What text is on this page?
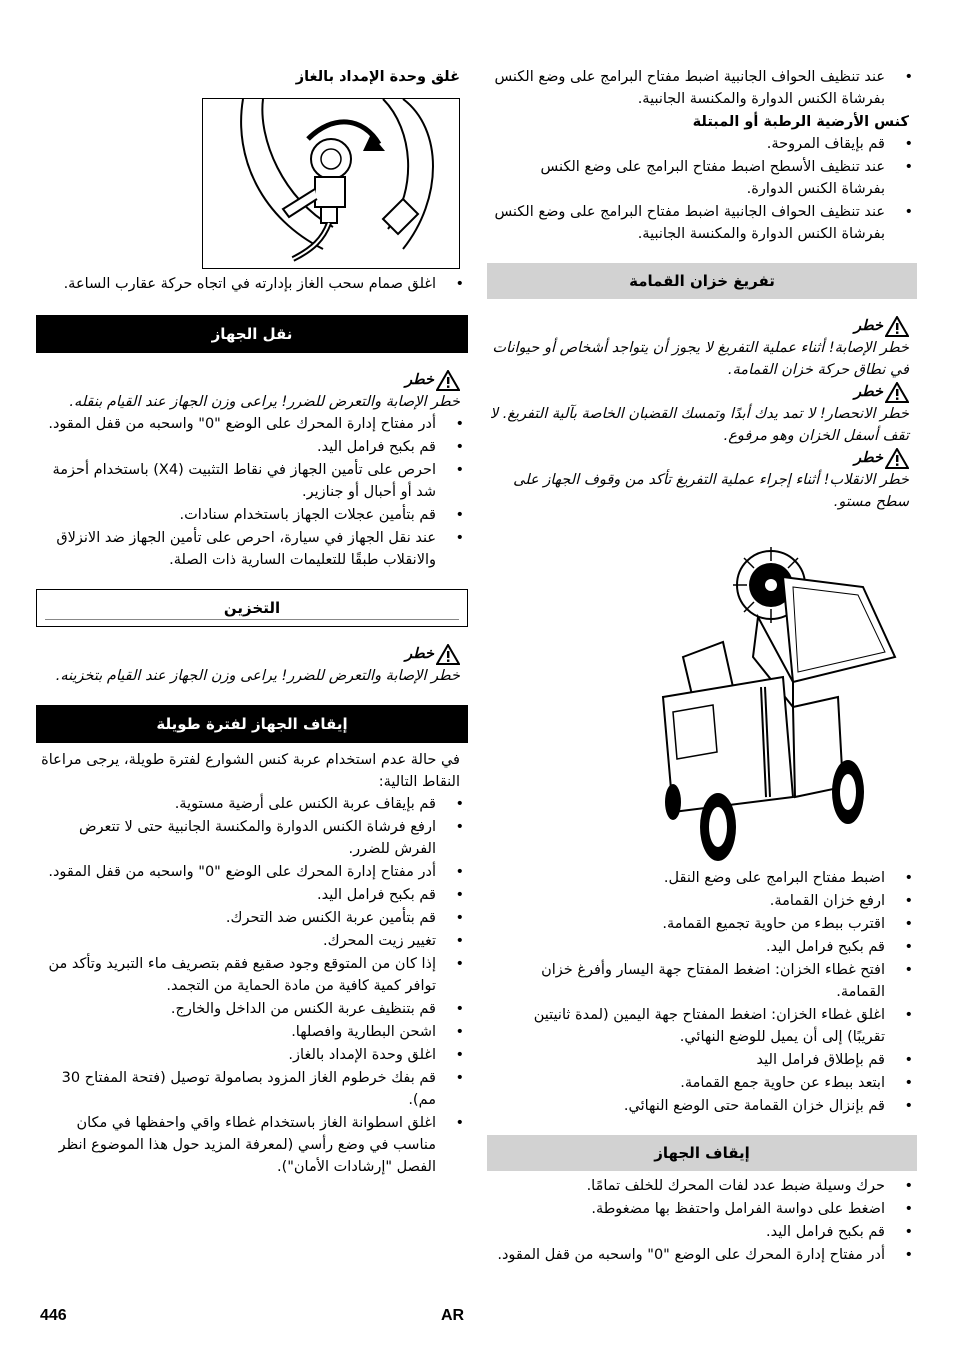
غلق وحدة الإمداد بالغاز
• اغلق صمام سحب الغاز بإدارته في اتجاه حركة عقارب الساعة.
نقل الجهاز
خطر
خطر الإصابة والتعرض للضرر! يراعى وزن الجهاز عند القيام بنقله.
• أدر مفتاح إدارة المحرك على الوضع "0" واسحبه من قفل المقود.
• قم بكبح فرامل اليد.
• احرص على تأمين الجهاز في نقاط التثبيت (X4) باستخدام أحزمة شد أو أحبال أو جنازير.
• قم بتأمين عجلات الجهاز باستخدام سنادات.
• عند نقل الجهاز في سيارة، احرص على تأمين الجهاز ضد الانزلاق والانقلاب طبقًا للتعليمات السارية ذات الصلة.
التخزين
خطر
خطر الإصابة والتعرض للضرر! يراعى وزن الجهاز عند القيام بتخزينه.
إيقاف الجهاز لفترة طويلة
في حالة عدم استخدام عربة كنس الشوارع لفترة طويلة، يرجى مراعاة النقاط التالية:
• قم بإيقاف عربة الكنس على أرضية مستوية.
• ارفع فرشاة الكنس الدوارة والمكنسة الجانبية حتى لا تتعرض الفرش للضرر.
• أدر مفتاح إدارة المحرك على الوضع "0" واسحبه من قفل المقود.
• قم بكبح فرامل اليد.
• قم بتأمين عربة الكنس ضد التحرك.
• تغيير زيت المحرك.
• إذا كان من المتوقع وجود صقيع فقم بتصريف ماء التبريد وتأكد من توافر كمية كافية من مادة الحماية من التجمد.
• قم بتنظيف عربة الكنس من الداخل والخارج.
• اشحن البطارية وافصلها.
• اغلق وحدة الإمداد بالغاز.
• قم بفك خرطوم الغاز المزود بصامولة توصيل (فتحة المفتاح 30 مم).
• اغلق اسطوانة الغاز باستخدام غطاء واقي واحفظها في مكان مناسب في وضع رأسي (لمعرفة المزيد حول هذا الموضوع انظر الفصل "إرشادات الأمان").
• عند تنظيف الحواف الجانبية اضبط مفتاح البرامج على وضع الكنس بفرشاة الكنس الدوارة والمكنسة الجانبية.
كنس الأرضية الرطبة أو المبتلة
• قم بإيقاف المروحة.
• عند تنظيف الأسطح اضبط مفتاح البرامج على وضع الكنس بفرشاة الكنس الدوارة.
• عند تنظيف الحواف الجانبية اضبط مفتاح البرامج على وضع الكنس بفرشاة الكنس الدوارة والمكنسة الجانبية.
تفريغ خزان القمامة
خطر
خطر الإصابة! أثناء عملية التفريغ لا يجوز أن يتواجد أشخاص أو حيوانات في نطاق حركة خزان القمامة.
خطر
خطر الانحصار! لا تمد يدك أبدًا وتمسك القضبان الخاصة بآلية التفريغ. لا تقف أسفل الخزان وهو مرفوع.
خطر
خطر الانقلاب! أثناء إجراء عملية التفريغ تأكد من وقوف الجهاز على سطح مستو.
• اضبط مفتاح البرامج على وضع النقل.
• ارفع خزان القمامة.
• اقترب ببطء من حاوية تجميع القمامة.
• قم بكبح فرامل اليد.
• افتح غطاء الخزان: اضغط المفتاح جهة اليسار وأفرغ خزان القمامة.
• اغلق غطاء الخزان: اضغط المفتاح جهة اليمين (لمدة ثانيتين تقريبًا) إلى أن يميل للوضع النهائي.
• قم بإطلاق فرامل اليد
• ابتعد ببطء عن حاوية جمع القمامة.
• قم بإنزال خزان القمامة حتى الوضع النهائي.
إيقاف الجهاز
• حرك وسيلة ضبط عدد لفات المحرك للخلف تمامًا.
• اضغط على دواسة الفرامل واحتفظ بها مضغوطة.
• قم بكبح فرامل اليد.
• أدر مفتاح إدارة المحرك على الوضع "0" واسحبه من قفل المقود.
446	AR
